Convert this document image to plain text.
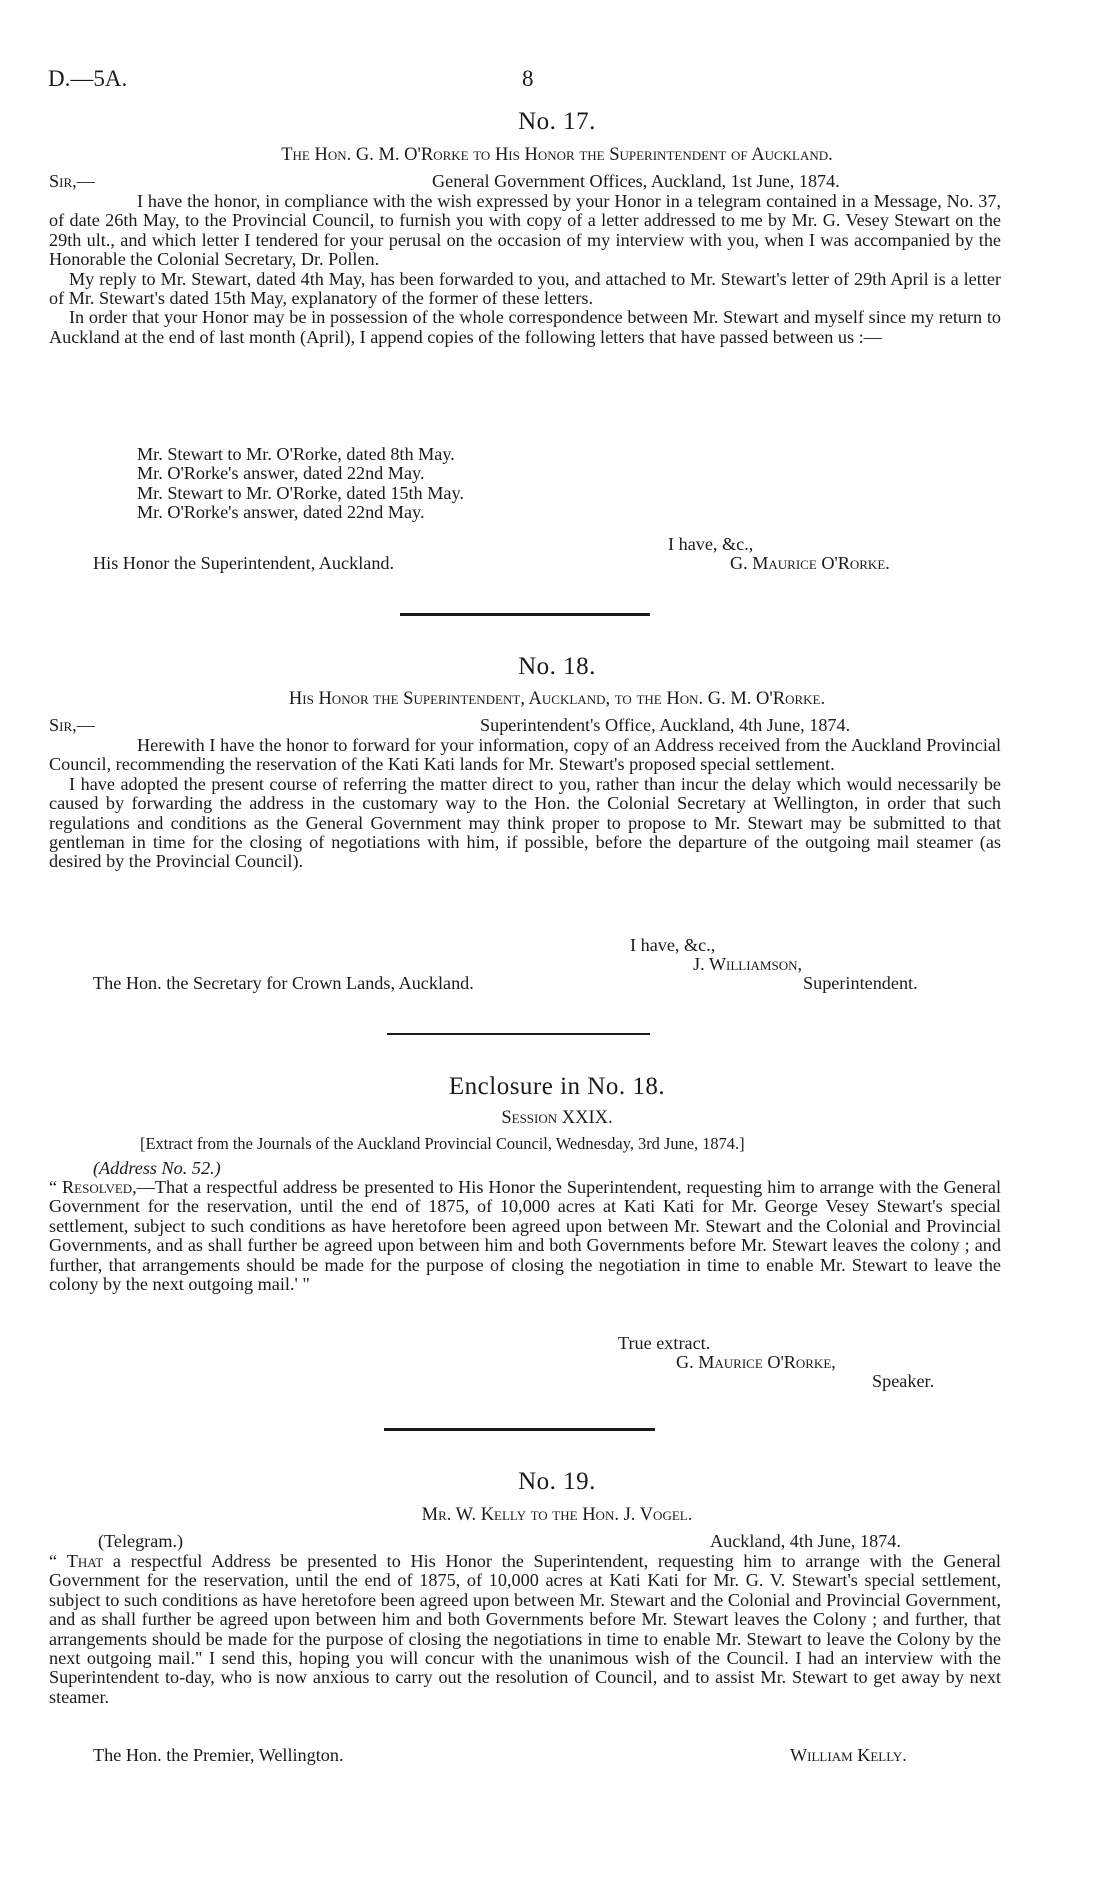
D.—5A.	8
No. 17.
The Hon. G. M. O'Rorke to His Honor the Superintendent of Auckland.
Sir,—	General Government Offices, Auckland, 1st June, 1874.

I have the honor, in compliance with the wish expressed by your Honor in a telegram contained in a Message, No. 37, of date 26th May, to the Provincial Council, to furnish you with copy of a letter addressed to me by Mr. G. Vesey Stewart on the 29th ult., and which letter I tendered for your perusal on the occasion of my interview with you, when I was accompanied by the Honorable the Colonial Secretary, Dr. Pollen.

My reply to Mr. Stewart, dated 4th May, has been forwarded to you, and attached to Mr. Stewart's letter of 29th April is a letter of Mr. Stewart's dated 15th May, explanatory of the former of these letters.

In order that your Honor may be in possession of the whole correspondence between Mr. Stewart and myself since my return to Auckland at the end of last month (April), I append copies of the following letters that have passed between us :—

Mr. Stewart to Mr. O'Rorke, dated 8th May.
Mr. O'Rorke's answer, dated 22nd May.
Mr. Stewart to Mr. O'Rorke, dated 15th May.
Mr. O'Rorke's answer, dated 22nd May.
I have, &c.,
His Honor the Superintendent, Auckland.	G. Maurice O'Rorke.
No. 18.
His Honor the Superintendent, Auckland, to the Hon. G. M. O'Rorke.
Sir,—	Superintendent's Office, Auckland, 4th June, 1874.

Herewith I have the honor to forward for your information, copy of an Address received from the Auckland Provincial Council, recommending the reservation of the Kati Kati lands for Mr. Stewart's proposed special settlement.

I have adopted the present course of referring the matter direct to you, rather than incur the delay which would necessarily be caused by forwarding the address in the customary way to the Hon. the Colonial Secretary at Wellington, in order that such regulations and conditions as the General Government may think proper to propose to Mr. Stewart may be submitted to that gentleman in time for the closing of negotiations with him, if possible, before the departure of the outgoing mail steamer (as desired by the Provincial Council).

I have, &c.,
J. Williamson,
The Hon. the Secretary for Crown Lands, Auckland.	Superintendent.
Enclosure in No. 18.
Session XXIX.
[Extract from the Journals of the Auckland Provincial Council, Wednesday, 3rd June, 1874.]
(Address No. 52.)

“ Resolved,—That a respectful address be presented to His Honor the Superintendent, requesting him to arrange with the General Government for the reservation, until the end of 1875, of 10,000 acres at Kati Kati for Mr. George Vesey Stewart's special settlement, subject to such conditions as have heretofore been agreed upon between Mr. Stewart and the Colonial and Provincial Governments, and as shall further be agreed upon between him and both Governments before Mr. Stewart leaves the colony ; and further, that arrangements should be made for the purpose of closing the negotiation in time to enable Mr. Stewart to leave the colony by the next outgoing mail.' "

True extract.
G. Maurice O'Rorke,
Speaker.
No. 19.
Mr. W. Kelly to the Hon. J. Vogel.
(Telegram.)	Auckland, 4th June, 1874.

“ That a respectful Address be presented to His Honor the Superintendent, requesting him to arrange with the General Government for the reservation, until the end of 1875, of 10,000 acres at Kati Kati for Mr. G. V. Stewart's special settlement, subject to such conditions as have heretofore been agreed upon between Mr. Stewart and the Colonial and Provincial Government, and as shall further be agreed upon between him and both Governments before Mr. Stewart leaves the Colony ; and further, that arrangements should be made for the purpose of closing the negotiations in time to enable Mr. Stewart to leave the Colony by the next outgoing mail." I send this, hoping you will concur with the unanimous wish of the Council. I had an interview with the Superintendent to-day, who is now anxious to carry out the resolution of Council, and to assist Mr. Stewart to get away by next steamer.

The Hon. the Premier, Wellington.	William Kelly.
